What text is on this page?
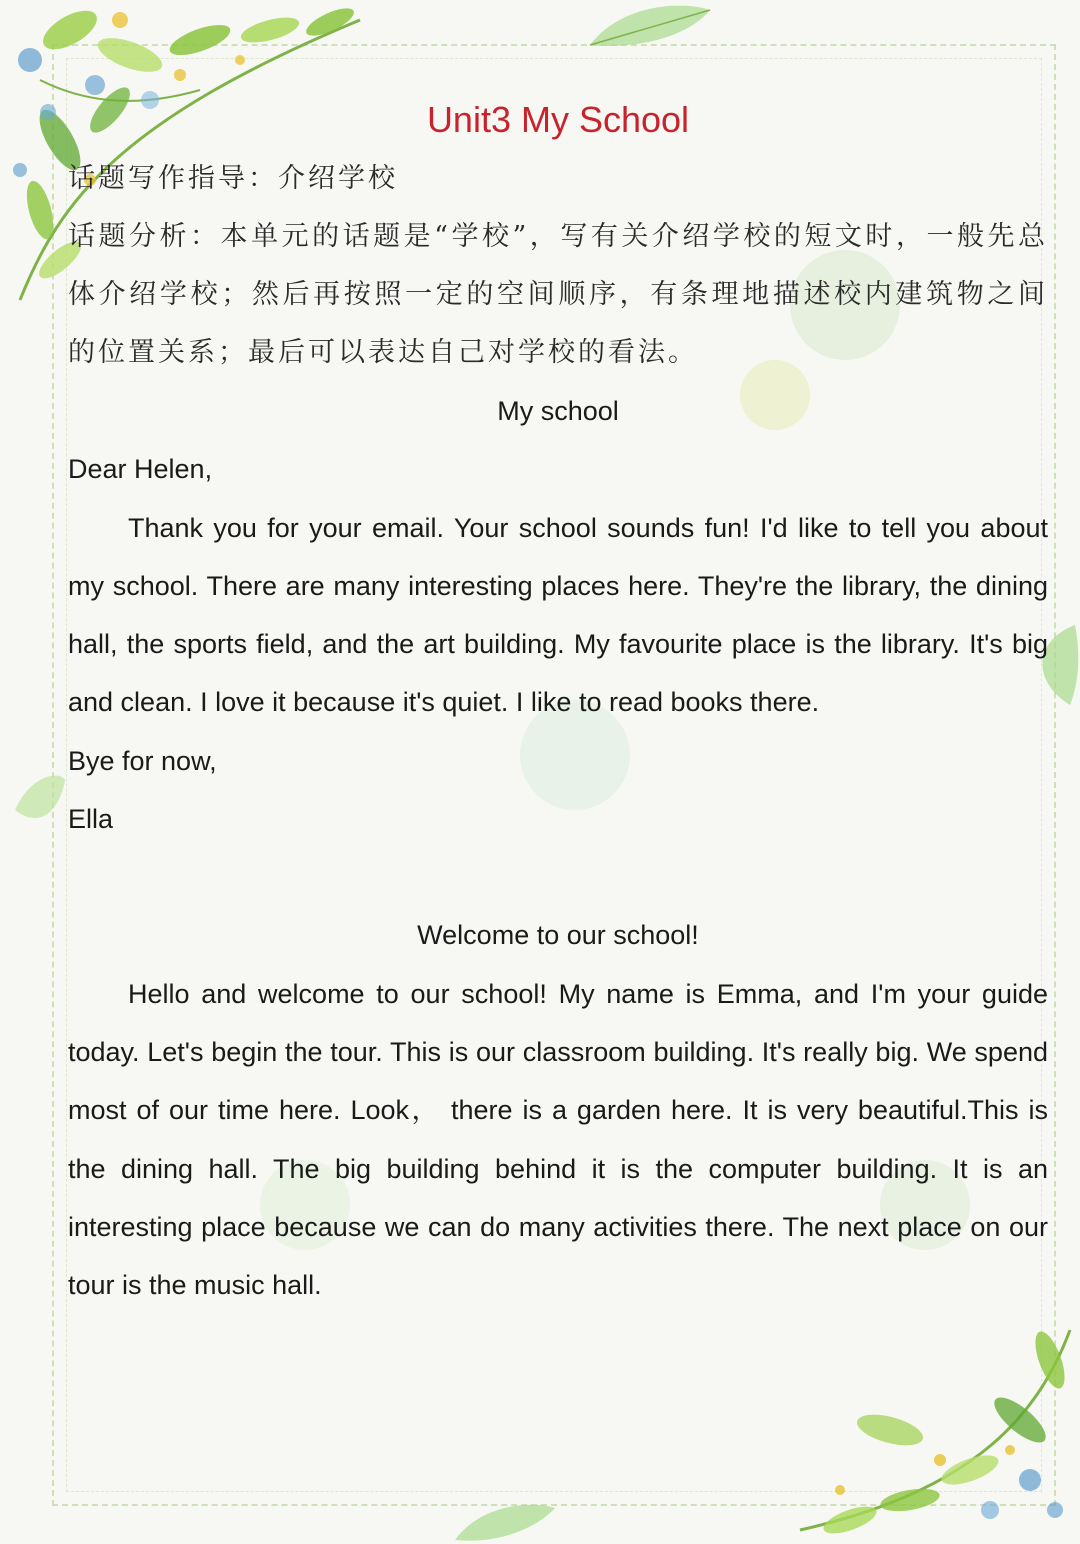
Unit3 My School

话题写作指导：介绍学校

话题分析：本单元的话题是“学校”，写有关介绍学校的短文时，一般先总体介绍学校；然后再按照一定的空间顺序，有条理地描述校内建筑物之间的位置关系；最后可以表达自己对学校的看法。

My school

Dear Helen,

Thank you for your email. Your school sounds fun! I'd like to tell you about my school. There are many interesting places here. They're the library, the dining hall, the sports field, and the art building. My favourite place is the library. It's big and clean. I love it because it's quiet. I like to read books there.

Bye for now,

Ella

Welcome to our school!

Hello and welcome to our school! My name is Emma, and I'm your guide today. Let's begin the tour. This is our classroom building. It's really big. We spend most of our time here. Look， there is a garden here. It is very beautiful.This is the dining hall. The big building behind it is the computer building. It is an interesting place because we can do many activities there. The next place on our tour is the music hall.
